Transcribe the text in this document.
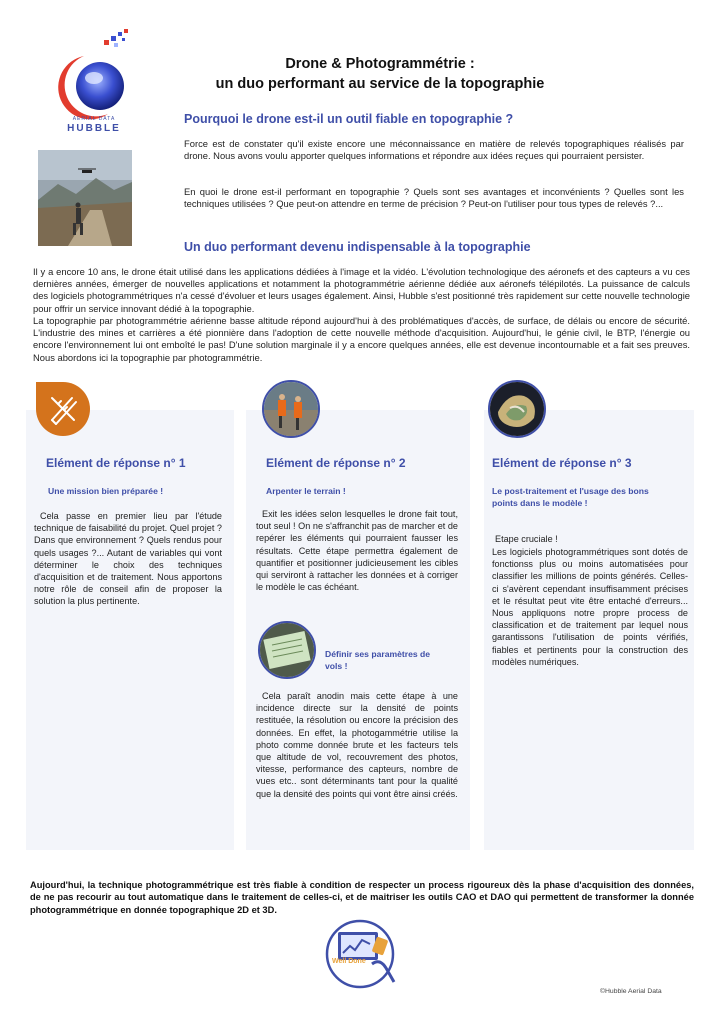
AERIAL DATA
HUBBLE
Drone & Photogrammétrie :
un duo performant au service de la topographie
Pourquoi le drone est-il un outil fiable en topographie ?
Force est de constater qu'il existe encore une méconnaissance en matière de relevés topographiques réalisés par drone. Nous avons voulu apporter quelques informations et répondre aux idées reçues qui pourraient persister.
En quoi le drone est-il performant en topographie ? Quels sont ses avantages et inconvénients ? Quelles sont les techniques utilisées ? Que peut-on attendre en terme de précision ? Peut-on l'utiliser pour tous types de relevés ?...
Un duo performant devenu indispensable à la topographie
Il y a encore 10 ans, le drone était utilisé dans les applications dédiées à l'image et la vidéo. L'évolution technologique des aéronefs et des capteurs a vu ces dernières années, émerger de nouvelles applications et notamment la photogrammétrie aérienne dédiée aux aéronefs télépilotés. La puissance de calculs des logiciels photogrammétriques n'a cessé d'évoluer et leurs usages également. Ainsi, Hubble s'est positionné très rapidement sur cette nouvelle technologie pour offrir un service innovant dédié à la topographie.
La topographie par photogrammétrie aérienne basse altitude répond aujourd'hui à des problématiques d'accès, de surface, de délais ou encore de sécurité. L'industrie des mines et carrières a été pionnière dans l'adoption de cette nouvelle méthode d'acquisition. Aujourd'hui, le génie civil, le BTP, l'énergie ou encore l'environnement lui ont emboîté le pas! D'une solution marginale il y a encore quelques années, elle est devenue incontournable et a fait ses preuves. Nous abordons ici la topographie par photogrammétrie.
Elément de réponse n° 1
Une mission bien préparée !
Cela passe en premier lieu par l'étude technique de faisabilité du projet. Quel projet ? Dans que environnement ? Quels rendus pour quels usages ?... Autant de variables qui vont déterminer le choix des techniques d'acquisition et de traitement. Nous apportons notre rôle de conseil afin de proposer la solution la plus pertinente.
Elément de réponse n° 2
Arpenter le terrain !
Exit les idées selon lesquelles le drone fait tout, tout seul ! On ne s'affranchit pas de marcher et de repérer les éléments qui pourraient fausser les résultats. Cette étape permettra également de quantifier et positionner judicieusement les cibles qui serviront à rattacher les données et à corriger le modèle le cas échéant.
Définir ses paramètres de vols !
Cela paraît anodin mais cette étape à une incidence directe sur la densité de points restituée, la résolution ou encore la précision des données. En effet, la photogammétrie utilise la photo comme donnée brute et les facteurs tels que altitude de vol, recouvrement des photos, vitesse, performance des capteurs, nombre de vues etc.. sont déterminants tant pour la qualité que la densité des points qui vont être ainsi créés.
Elément de réponse n° 3
Le post-traitement et l'usage des bons points dans le modèle !
Etape cruciale !
Les logiciels photogrammétriques sont dotés de fonctionss plus ou moins automatisées pour classifier les millions de points générés. Celles-ci s'avèrent cependant insuffisamment précises et le résultat peut vite être entaché d'erreurs... Nous appliquons notre propre process de classification et de traitement par lequel nous garantissons l'utilisation de points vérifiés, fiables et pertinents pour la construction des modèles numériques.
Aujourd'hui, la technique photogrammétrique est très fiable à condition de respecter un process rigoureux dès la phase d'acquisition des données, de ne pas recourir au tout automatique dans le traitement de celles-ci, et de maitriser les outils CAO et DAO qui permettent de transformer la donnée photogrammétrique en donnée topographique 2D et 3D.
Well Done
©Hubble Aerial Data
